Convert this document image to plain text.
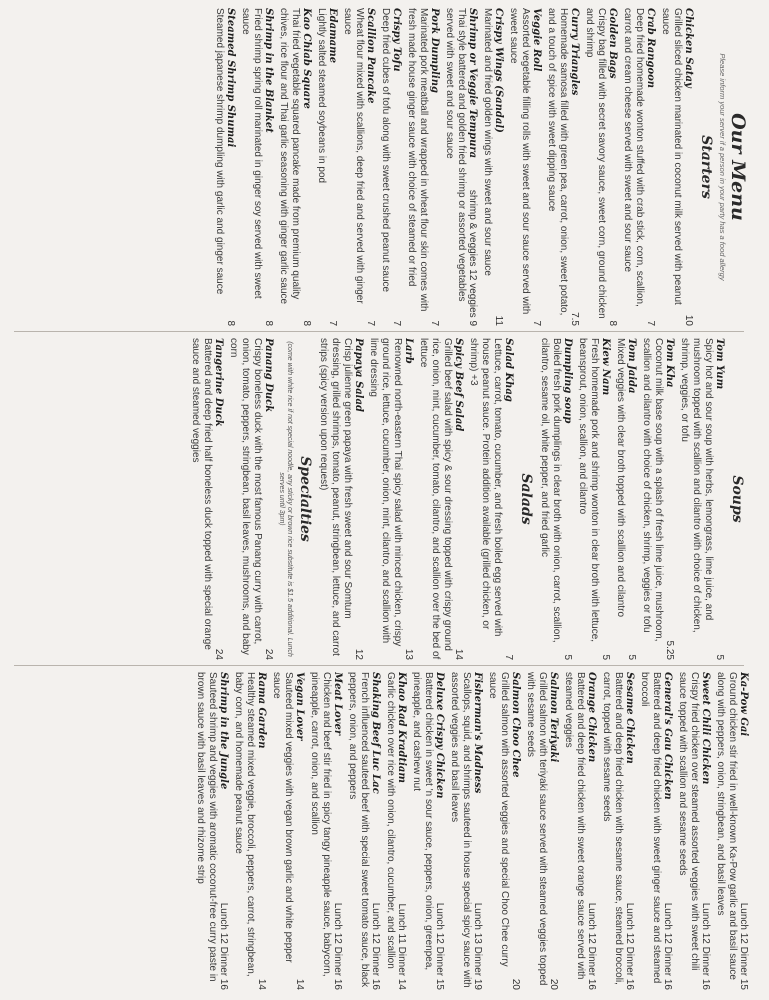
Our Menu

Please inform your server if a person in your party has a food allergy

Starters

Chicken Satay
10

Grilled sliced chicken marinated in coconut milk served with peanut sauce

Crab Rangoon
7

Deep fried homemade wonton stuffed with crab stick, corn, scallion, carrot and cream cheese served with sweet and sour sauce

Golden Bags
8

Crispy bag filled with secret savory sauce, sweet corn, ground chicken and shrimp

Curry Triangles
7.5

Homemade samosa filled with green pea, carrot, onion, sweet potato, and a touch of spice with sweet dipping sauce

Veggie Roll
7

Assorted vegetable filling rolls with sweet and sour sauce served with sweet sauce

Crispy Wings (Sandal)
11

Marinated and fried golden wings with sweet and sour sauce

Shrimp or Veggie Tempura
shrimp & veggies 12 veggies 9

Thai style battered and golden fried shrimp or assorted vegetables served with sweet and sour sauce

Pork Dumpling
7

Marinated pork meatball and wrapped in wheat flour skin comes with fresh made house ginger sauce with choice of steamed or fried

Crispy Tofu
7

Deep fried cubes of tofu along with sweet crushed peanut sauce

Scallion Pancake
7

Wheat flour mixed with scallions, deep fried and served with ginger sauce

Edamame
7

Lightly salted steamed soybeans in pod

Kao Chiab Square
8

Thai fried vegetable squared pancake made from premium quality chives, rice flour and Thai garlic seasoning with ginger garlic sauce

Shrimp in the Blanket
8

Fried shrimp spring roll marinated in ginger soy served with sweet sauce

Steamed Shrimp Shumai
8

Steamed japanese shrimp dumpling with garlic and ginger sauce

Soups

Tom Yum
5

Spicy hot and sour soup with herbs, lemongrass, lime juice, and mushroom topped with scallion and cilantro with choice of chicken, shrimp, veggies, or tofu

Tom Kha
5.25

Coconut milk base soup with a splash of fresh lime juice, mushroom, scallion and cilantro with choice of chicken, shrimp, veggies or tofu

Tom Jaida
5

Mixed veggies with clear broth topped with scallion and cilantro

Kiew Nam
5

Fresh homemade pork and shrimp wonton in clear broth with lettuce, beansprout, onion, scallion, and cilantro

Dumpling soup
5

Boiled fresh pork dumplings in clear broth with onion, carrot, scallion, cilantro, sesame oil, white pepper, and fried garlic

Salads

Salad Khag
7

Lettuce, carrot, tomato, cucumber, and fresh boiled egg served with house peanut sauce. Protein addition available (grilled chicken, or shrimp) +3

Spicy Beef Salad
14

Grilled beef salad with spicy & sour dressing topped with crispy ground rice, onion, mint, cucumber, tomato, cilantro, and scallion over the bed of lettuce

Larb
13

Renowned north-eastern Thai spicy salad with minced chicken, crispy ground rice, lettuce, cucumber, onion, mint, cilantro, and scallion with lime dressing

Papaya Salad
12

Crisp julienne green papaya with fresh sweet and sour Somtum dressing, grilled shrimps, tomato, peanut, stringbean, lettuce, and carrot strips (spicy version upon request)

Specialties

(come with white rice if not special noodle, any sticky or brown rice substitute is $1.5 additional. Lunch serves until 3pm)

Panang Duck
24

Crispy boneless duck with the most famous Panang curry with carrot, onion, tomato, peppers, stringbean, basil leaves, mushrooms, and baby corn

Tangerine Duck
24

Battered and deep fried half boneless duck topped with special orange sauce and steamed veggies

Ka-Pow Gai
Lunch 12 Dinner 15

Ground chicken stir fried in well-known Ka-Pow garlic and basil sauce along with peppers, onion, stringbean, and basil leaves

Sweet Chili Chicken
Lunch 12 Dinner 16

Crispy fried chicken over steamed assorted veggies with sweet chili sauce topped with scallion and sesame seeds

General's Gau Chicken
Lunch 12 Dinner 16

Battered and deep fried chicken with sweet ginger sauce and steamed broccoli

Sesame Chicken
Lunch 12 Dinner 16

Battered and deep fried chicken with sesame sauce, steamed broccoli, carrot, topped with sesame seeds

Orange Chicken
Lunch 12 Dinner 16

Battered and deep fried chicken with sweet orange sauce served with steamed veggies

Salmon Teriyaki
20

Grilled salmon with teriyaki sauce served with steamed veggies topped with sesame seeds

Salmon Choo Chee
20

Grilled salmon with assorted veggies and special Choo Chee curry sauce

Fisherman's Madness
Lunch 13 Dinner 19

Scallops, squid, and shrimps sauteed in house special spicy sauce with assorted veggies and basil leaves

Deluxe Crispy Chicken
Lunch 12 Dinner 15

Battered chicken in sweet 'n sour sauce, peppers, onion, greenpea, pineapple, and cashew nut

Khao Rad Kradtiam
Lunch 11 Dinner 14

Garlic chicken over rice with onion, cilantro, cucumber, and scallion

Shaking Beef Luc Lac
Lunch 12 Dinner 16

French influenced sauteed beef with special sweet tomato sauce, black peppers, onion, and peppers

Meat Lover
Lunch 12 Dinner 16

Chicken and beef stir fried in spicy tangy pineapple sauce, babycorn, pineapple, carrot, onion, and scallion

Vegan Lover
14

Sauteed mixed veggies with vegan brown garlic and white pepper sauce

Rama Garden
14

Healthy steamed mixed veggie, broccoli, peppers, carrot, stringbean, baby corn, and homemade peanut sauce

Shrimp in the Jungle
Lunch 12 Dinner 16

Sauteed shrimp and veggies with aromatic coconut-free curry paste in brown sauce with basil leaves and rhizome strip
